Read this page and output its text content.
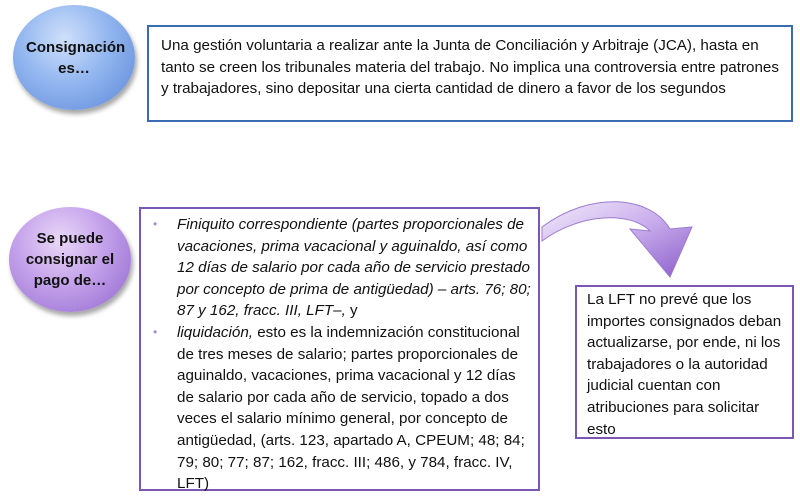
Consignación es…
Una gestión voluntaria a realizar ante la Junta de Conciliación y Arbitraje (JCA), hasta en tanto se creen los tribunales materia del trabajo. No implica una controversia entre patrones y trabajadores, sino depositar una cierta cantidad de dinero a favor de los segundos
Se puede consignar el pago de…
• Finiquito correspondiente (partes proporcionales de vacaciones, prima vacacional y aguinaldo, así como 12 días de salario por cada año de servicio prestado por concepto de prima de antigüedad) – arts. 76; 80; 87 y 162, fracc. III, LFT–, y
• liquidación, esto es la indemnización constitucional de tres meses de salario; partes proporcionales de aguinaldo, vacaciones, prima vacacional y 12 días de salario por cada año de servicio, topado a dos veces el salario mínimo general, por concepto de antigüedad, (arts. 123, apartado A, CPEUM; 48; 84; 79; 80; 77; 87; 162, fracc. III; 486, y 784, fracc. IV, LFT)
La LFT no prevé que los importes consignados deban actualizarse, por ende, ni los trabajadores o la autoridad judicial cuentan con atribuciones para solicitar esto
